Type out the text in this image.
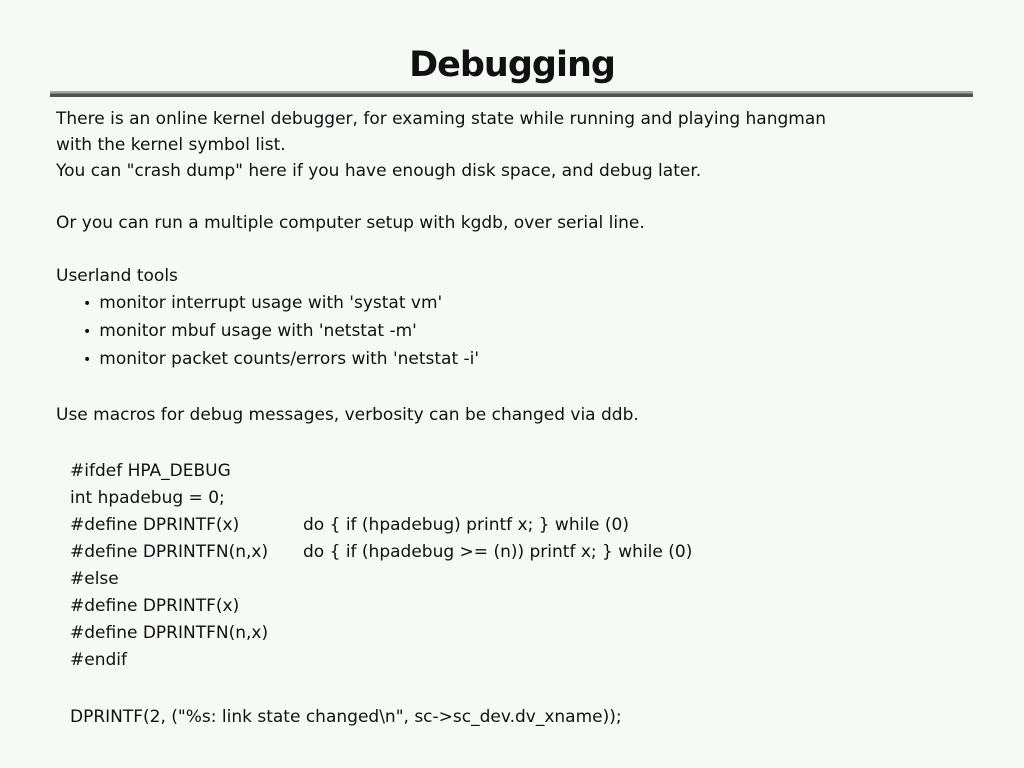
Debugging
There is an online kernel debugger, for examing state while running and playing hangman
with the kernel symbol list.
You can "crash dump" here if you have enough disk space, and debug later.
Or you can run a multiple computer setup with kgdb, over serial line.
Userland tools
• monitor interrupt usage with 'systat vm'
• monitor mbuf usage with 'netstat -m'
• monitor packet counts/errors with 'netstat -i'
Use macros for debug messages, verbosity can be changed via ddb.
#ifdef HPA_DEBUG
int hpadebug = 0;
#define DPRINTF(x)	do { if (hpadebug) printf x; } while (0)
#define DPRINTFN(n,x) do { if (hpadebug >= (n)) printf x; } while (0)
#else
#define DPRINTF(x)
#define DPRINTFN(n,x)
#endif
DPRINTF(2, ("%s: link state changed\n", sc->sc_dev.dv_xname));
